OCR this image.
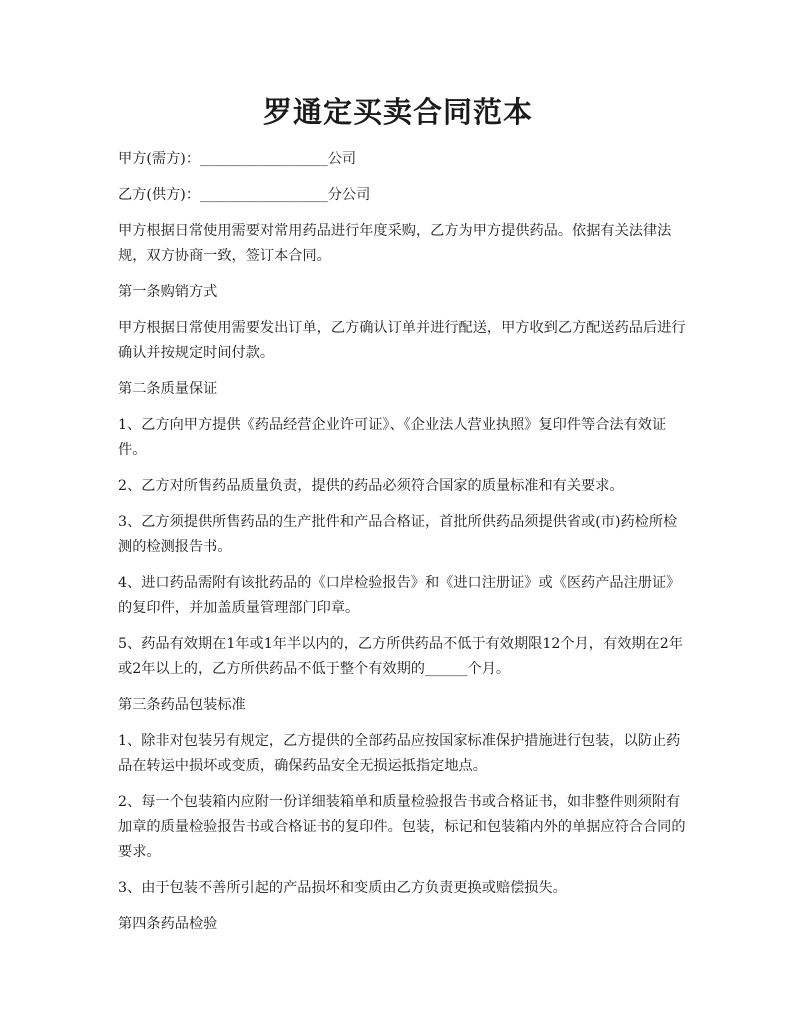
罗通定买卖合同范本

甲方(需方)：__________________公司

乙方(供方)：__________________分公司

甲方根据日常使用需要对常用药品进行年度采购，乙方为甲方提供药品。依据有关法律法规，双方协商一致，签订本合同。

第一条购销方式

甲方根据日常使用需要发出订单，乙方确认订单并进行配送，甲方收到乙方配送药品后进行确认并按规定时间付款。

第二条质量保证

1、乙方向甲方提供《药品经营企业许可证》、《企业法人营业执照》复印件等合法有效证件。

2、乙方对所售药品质量负责，提供的药品必须符合国家的质量标准和有关要求。

3、乙方须提供所售药品的生产批件和产品合格证，首批所供药品须提供省或(市)药检所检测的检测报告书。

4、进口药品需附有该批药品的《口岸检验报告》和《进口注册证》或《医药产品注册证》的复印件，并加盖质量管理部门印章。

5、药品有效期在1年或1年半以内的，乙方所供药品不低于有效期限12个月，有效期在2年或2年以上的，乙方所供药品不低于整个有效期的______个月。

第三条药品包装标准

1、除非对包装另有规定，乙方提供的全部药品应按国家标准保护措施进行包装，以防止药品在转运中损坏或变质，确保药品安全无损运抵指定地点。

2、每一个包装箱内应附一份详细装箱单和质量检验报告书或合格证书，如非整件则须附有加章的质量检验报告书或合格证书的复印件。包装，标记和包装箱内外的单据应符合合同的要求。

3、由于包装不善所引起的产品损坏和变质由乙方负责更换或赔偿损失。

第四条药品检验
